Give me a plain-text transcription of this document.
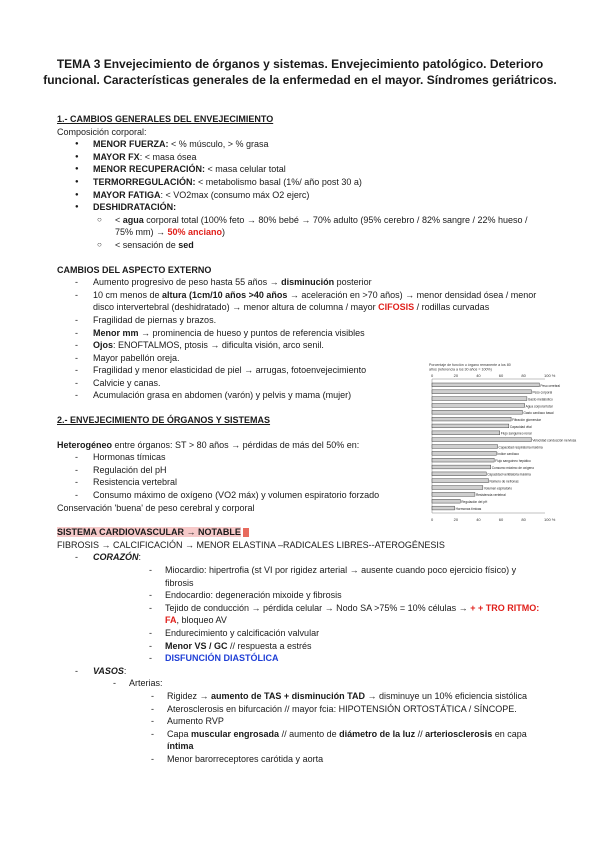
TEMA 3 Envejecimiento de órganos y sistemas. Envejecimiento patológico. Deterioro funcional. Características generales de la enfermedad en el mayor. Síndromes geriátricos.
1.- CAMBIOS GENERALES DEL ENVEJECIMIENTO
Composición corporal:
● MENOR FUERZA: < % músculo, > % grasa
● MAYOR FX: < masa ósea
● MENOR RECUPERACIÓN: < masa celular total
● TERMORREGULACIÓN: < metabolismo basal (1%/ año post 30 a)
● MAYOR FATIGA: < VO2max (consumo máx O2 ejerc)
● DESHIDRATACIÓN:
○ < agua corporal total (100% feto → 80% bebé → 70% adulto (95% cerebro / 82% sangre / 22% hueso / 75% mm) → 50% anciano)
○ < sensación de sed
CAMBIOS DEL ASPECTO EXTERNO
- Aumento progresivo de peso hasta 55 años → disminución posterior
- 10 cm menos de altura (1cm/10 años >40 años → aceleración en >70 años) → menor densidad ósea / menor disco intervertebral (deshidratado) → menor altura de columna / mayor CIFOSIS / rodillas curvadas
- Fragilidad de piernas y brazos.
- Menor mm → prominencia de hueso y puntos de referencia visibles
- Ojos: ENOFTALMOS, ptosis → dificulta visión, arco senil.
- Mayor pabellón oreja.
- Fragilidad y menor elasticidad de piel → arrugas, fotoenvejecimiento
- Calvicie y canas.
- Acumulación grasa en abdomen (varón) y pelvis y mama (mujer)
2.- ENVEJECIMIENTO DE ÓRGANOS Y SISTEMAS
Heterogéneo entre órganos: ST > 80 años → pérdidas de más del 50% en:
- Hormonas tímicas
- Regulación del pH
- Resistencia vertebral
- Consumo máximo de oxígeno (VO2 máx) y volumen espiratorio forzado
Conservación 'buena' de peso cerebral y corporal
SISTEMA CARDIOVASCULAR → NOTABLE
FIBROSIS → CALCIFICACIÓN → MENOR ELASTINA –RADICALES LIBRES--ATEROGÉNESIS
- CORAZÓN:
- Miocardio: hipertrofia (st VI por rigidez arterial → ausente cuando poco ejercicio físico) y fibrosis
- Endocardio: degeneración mixoide y fibrosis
- Tejido de conducción → pérdida celular → Nodo SA >75% = 10% células → + + TRO RITMO: FA, bloqueo AV
- Endurecimiento y calcificación valvular
- Menor VS / GC // respuesta a estrés
- DISFUNCIÓN DIASTÓLICA
- VASOS:
- Arterias:
- Rigidez → aumento de TAS + disminución TAD → disminuye un 10% eficiencia sistólica
- Aterosclerosis en bifurcación // mayor fcia: HIPOTENSIÓN ORTOSTÁTICA / SÍNCOPE.
- Aumento RVP
- Capa muscular engrosada // aumento de diámetro de la luz // arteriosclerosis en capa íntima
- Menor barorreceptores carótida y aorta
Porcentaje de función u órgano remanente a los 80 años (referencia a los 30 años = 100%)
0
0
20
20
40
40
60
60
80
80
100 %
100 %
Peso cerebral
Peso corporal
Gasto metabólico
Agua corporal total
Gasto cardíaco basal
Filtración glomerular
Capacidad vital
Flujo sanguíneo renal
Velocidad conducción nerviosa
Capacidad respiratoria máxima
Índice cardíaco
Flujo sanguíneo hepático
Consumo máximo de oxígeno
Capacidad ventilatoria máxima
Número de nefronas
Volumen espiratorio
Resistencia vertebral
Regulación del pH
Hormonas tímicas
